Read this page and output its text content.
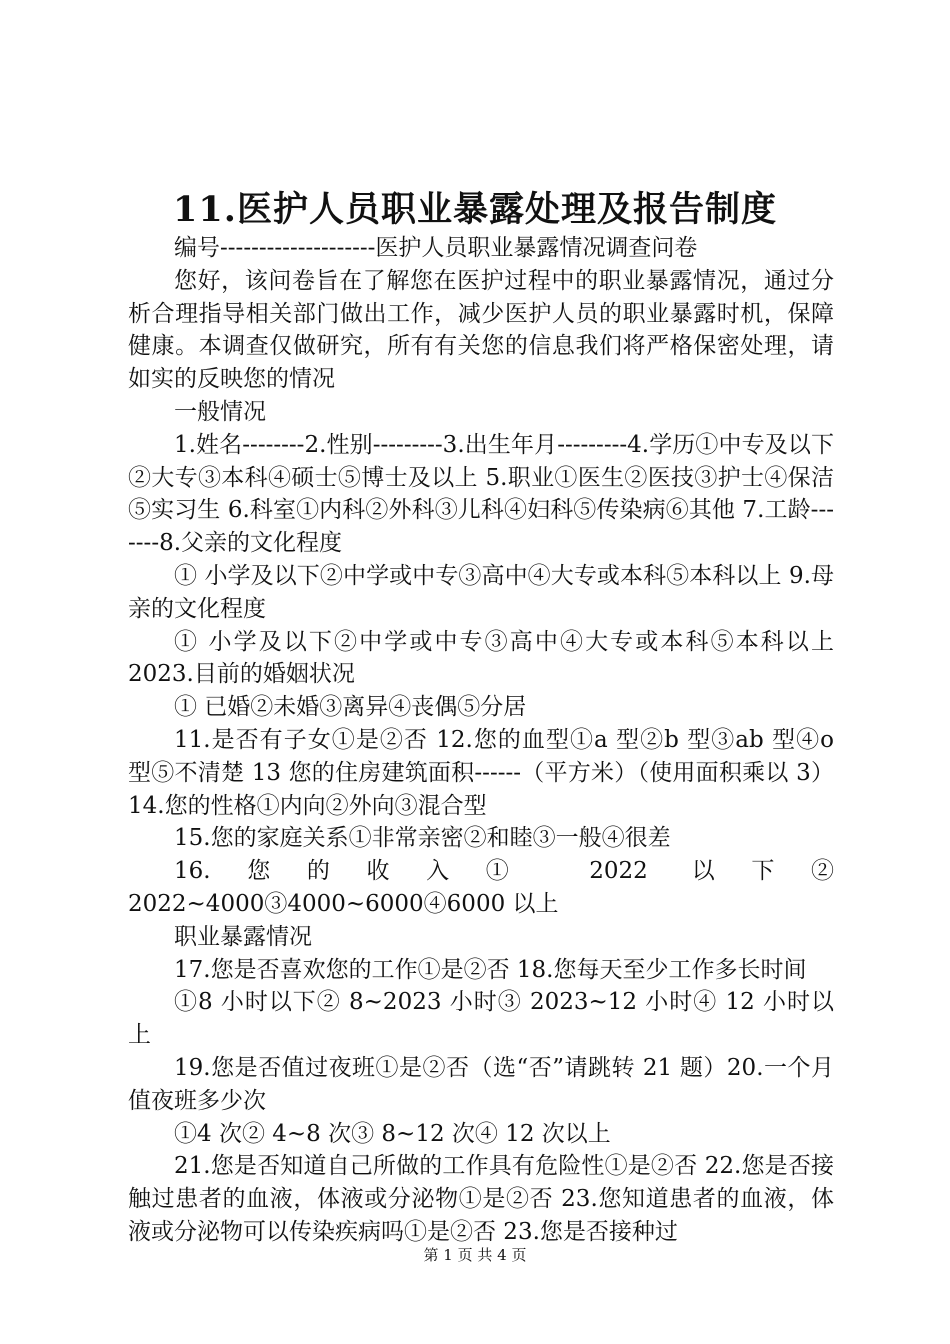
11.医护人员职业暴露处理及报告制度

编号--------------------医护人员职业暴露情况调查问卷

您好，该问卷旨在了解您在医护过程中的职业暴露情况，通过分析合理指导相关部门做出工作，减少医护人员的职业暴露时机，保障健康。本调查仅做研究，所有有关您的信息我们将严格保密处理，请如实的反映您的情况

一般情况

1.姓名--------2.性别---------3.出生年月---------4.学历①中专及以下②大专③本科④硕士⑤博士及以上 5.职业①医生②医技③护士④保洁⑤实习生 6.科室①内科②外科③儿科④妇科⑤传染病⑥其他 7.工龄-------8.父亲的文化程度

① 小学及以下②中学或中专③高中④大专或本科⑤本科以上 9.母亲的文化程度

① 小学及以下②中学或中专③高中④大专或本科⑤本科以上 2023.目前的婚姻状况

① 已婚②未婚③离异④丧偶⑤分居

11.是否有子女①是②否 12.您的血型①a 型②b 型③ab 型④o 型⑤不清楚 13 您的住房建筑面积------（平方米）（使用面积乘以 3）14.您的性格①内向②外向③混合型

15.您的家庭关系①非常亲密②和睦③一般④很差

16.您的收入① 2022 以下② 2022~4000③4000~6000④6000 以上

职业暴露情况

17.您是否喜欢您的工作①是②否 18.您每天至少工作多长时间

①8 小时以下② 8~2023 小时③ 2023~12 小时④ 12 小时以上

19.您是否值过夜班①是②否（选“否”请跳转 21 题）20.一个月值夜班多少次

①4 次② 4~8 次③ 8~12 次④ 12 次以上

21.您是否知道自己所做的工作具有危险性①是②否 22.您是否接触过患者的血液，体液或分泌物①是②否 23.您知道患者的血液，体液或分泌物可以传染疾病吗①是②否 23.您是否接种过

第 1 页 共 4 页
